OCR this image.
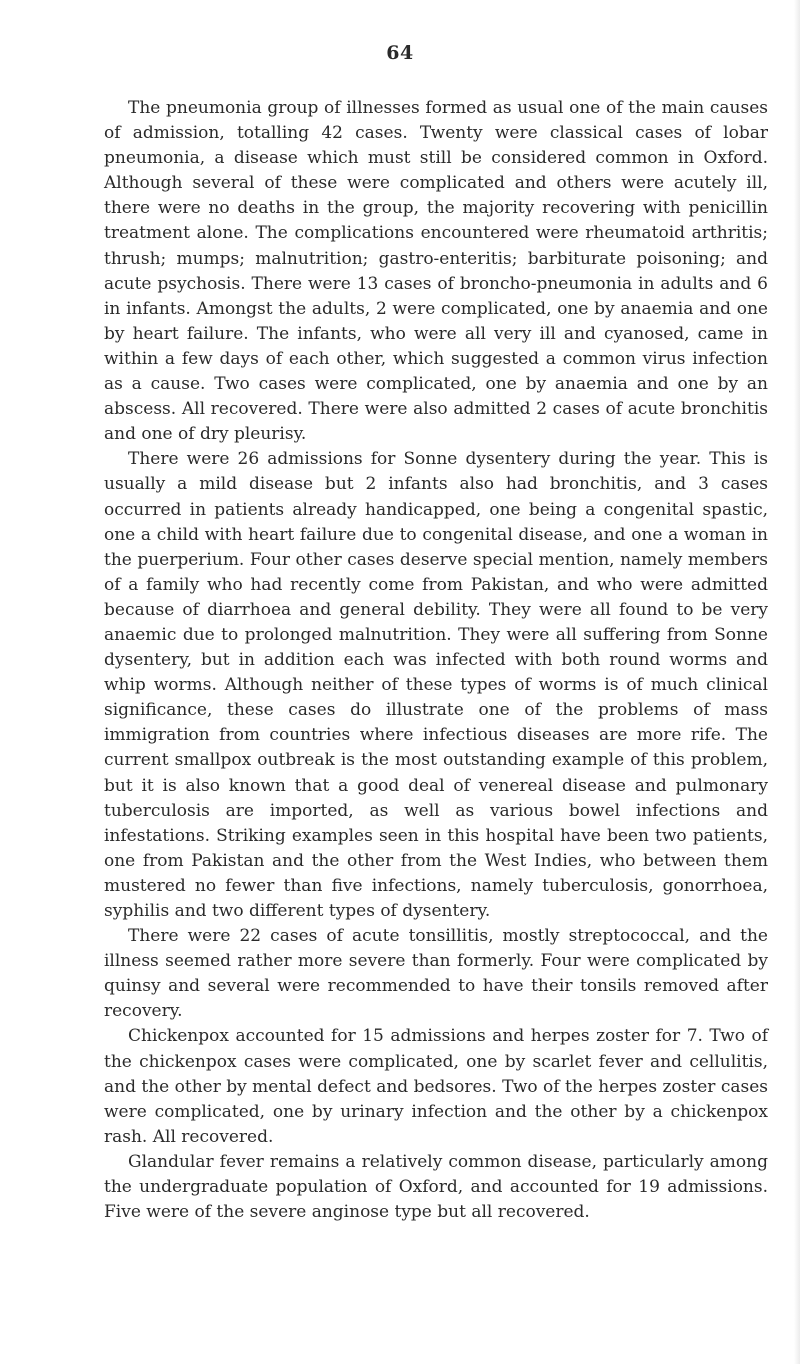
64

The pneumonia group of illnesses formed as usual one of the main causes of admission, totalling 42 cases. Twenty were classical cases of lobar pneumonia, a disease which must still be considered common in Oxford. Although several of these were complicated and others were acutely ill, there were no deaths in the group, the majority recovering with penicillin treatment alone. The complications encountered were rheumatoid arthritis; thrush; mumps; malnutrition; gastro-enteritis; barbiturate poisoning; and acute psychosis. There were 13 cases of broncho-pneumonia in adults and 6 in infants. Amongst the adults, 2 were complicated, one by anaemia and one by heart failure. The infants, who were all very ill and cyanosed, came in within a few days of each other, which suggested a common virus infection as a cause. Two cases were complicated, one by anaemia and one by an abscess. All recovered. There were also admitted 2 cases of acute bronchitis and one of dry pleurisy.

There were 26 admissions for Sonne dysentery during the year. This is usually a mild disease but 2 infants also had bronchitis, and 3 cases occurred in patients already handicapped, one being a congenital spastic, one a child with heart failure due to congenital disease, and one a woman in the puerperium. Four other cases deserve special mention, namely members of a family who had recently come from Pakistan, and who were admitted because of diarrhoea and general debility. They were all found to be very anaemic due to prolonged malnutrition. They were all suffering from Sonne dysentery, but in addition each was infected with both round worms and whip worms. Although neither of these types of worms is of much clinical significance, these cases do illustrate one of the problems of mass immigration from countries where infectious diseases are more rife. The current smallpox outbreak is the most outstanding example of this problem, but it is also known that a good deal of venereal disease and pulmonary tuberculosis are imported, as well as various bowel infections and infestations. Striking examples seen in this hospital have been two patients, one from Pakistan and the other from the West Indies, who between them mustered no fewer than five infections, namely tuberculosis, gonorrhoea, syphilis and two different types of dysentery.

There were 22 cases of acute tonsillitis, mostly streptococcal, and the illness seemed rather more severe than formerly. Four were complicated by quinsy and several were recommended to have their tonsils removed after recovery.

Chickenpox accounted for 15 admissions and herpes zoster for 7. Two of the chickenpox cases were complicated, one by scarlet fever and cellulitis, and the other by mental defect and bedsores. Two of the herpes zoster cases were complicated, one by urinary infection and the other by a chickenpox rash. All recovered.

Glandular fever remains a relatively common disease, particularly among the undergraduate population of Oxford, and accounted for 19 admissions. Five were of the severe anginose type but all recovered.
